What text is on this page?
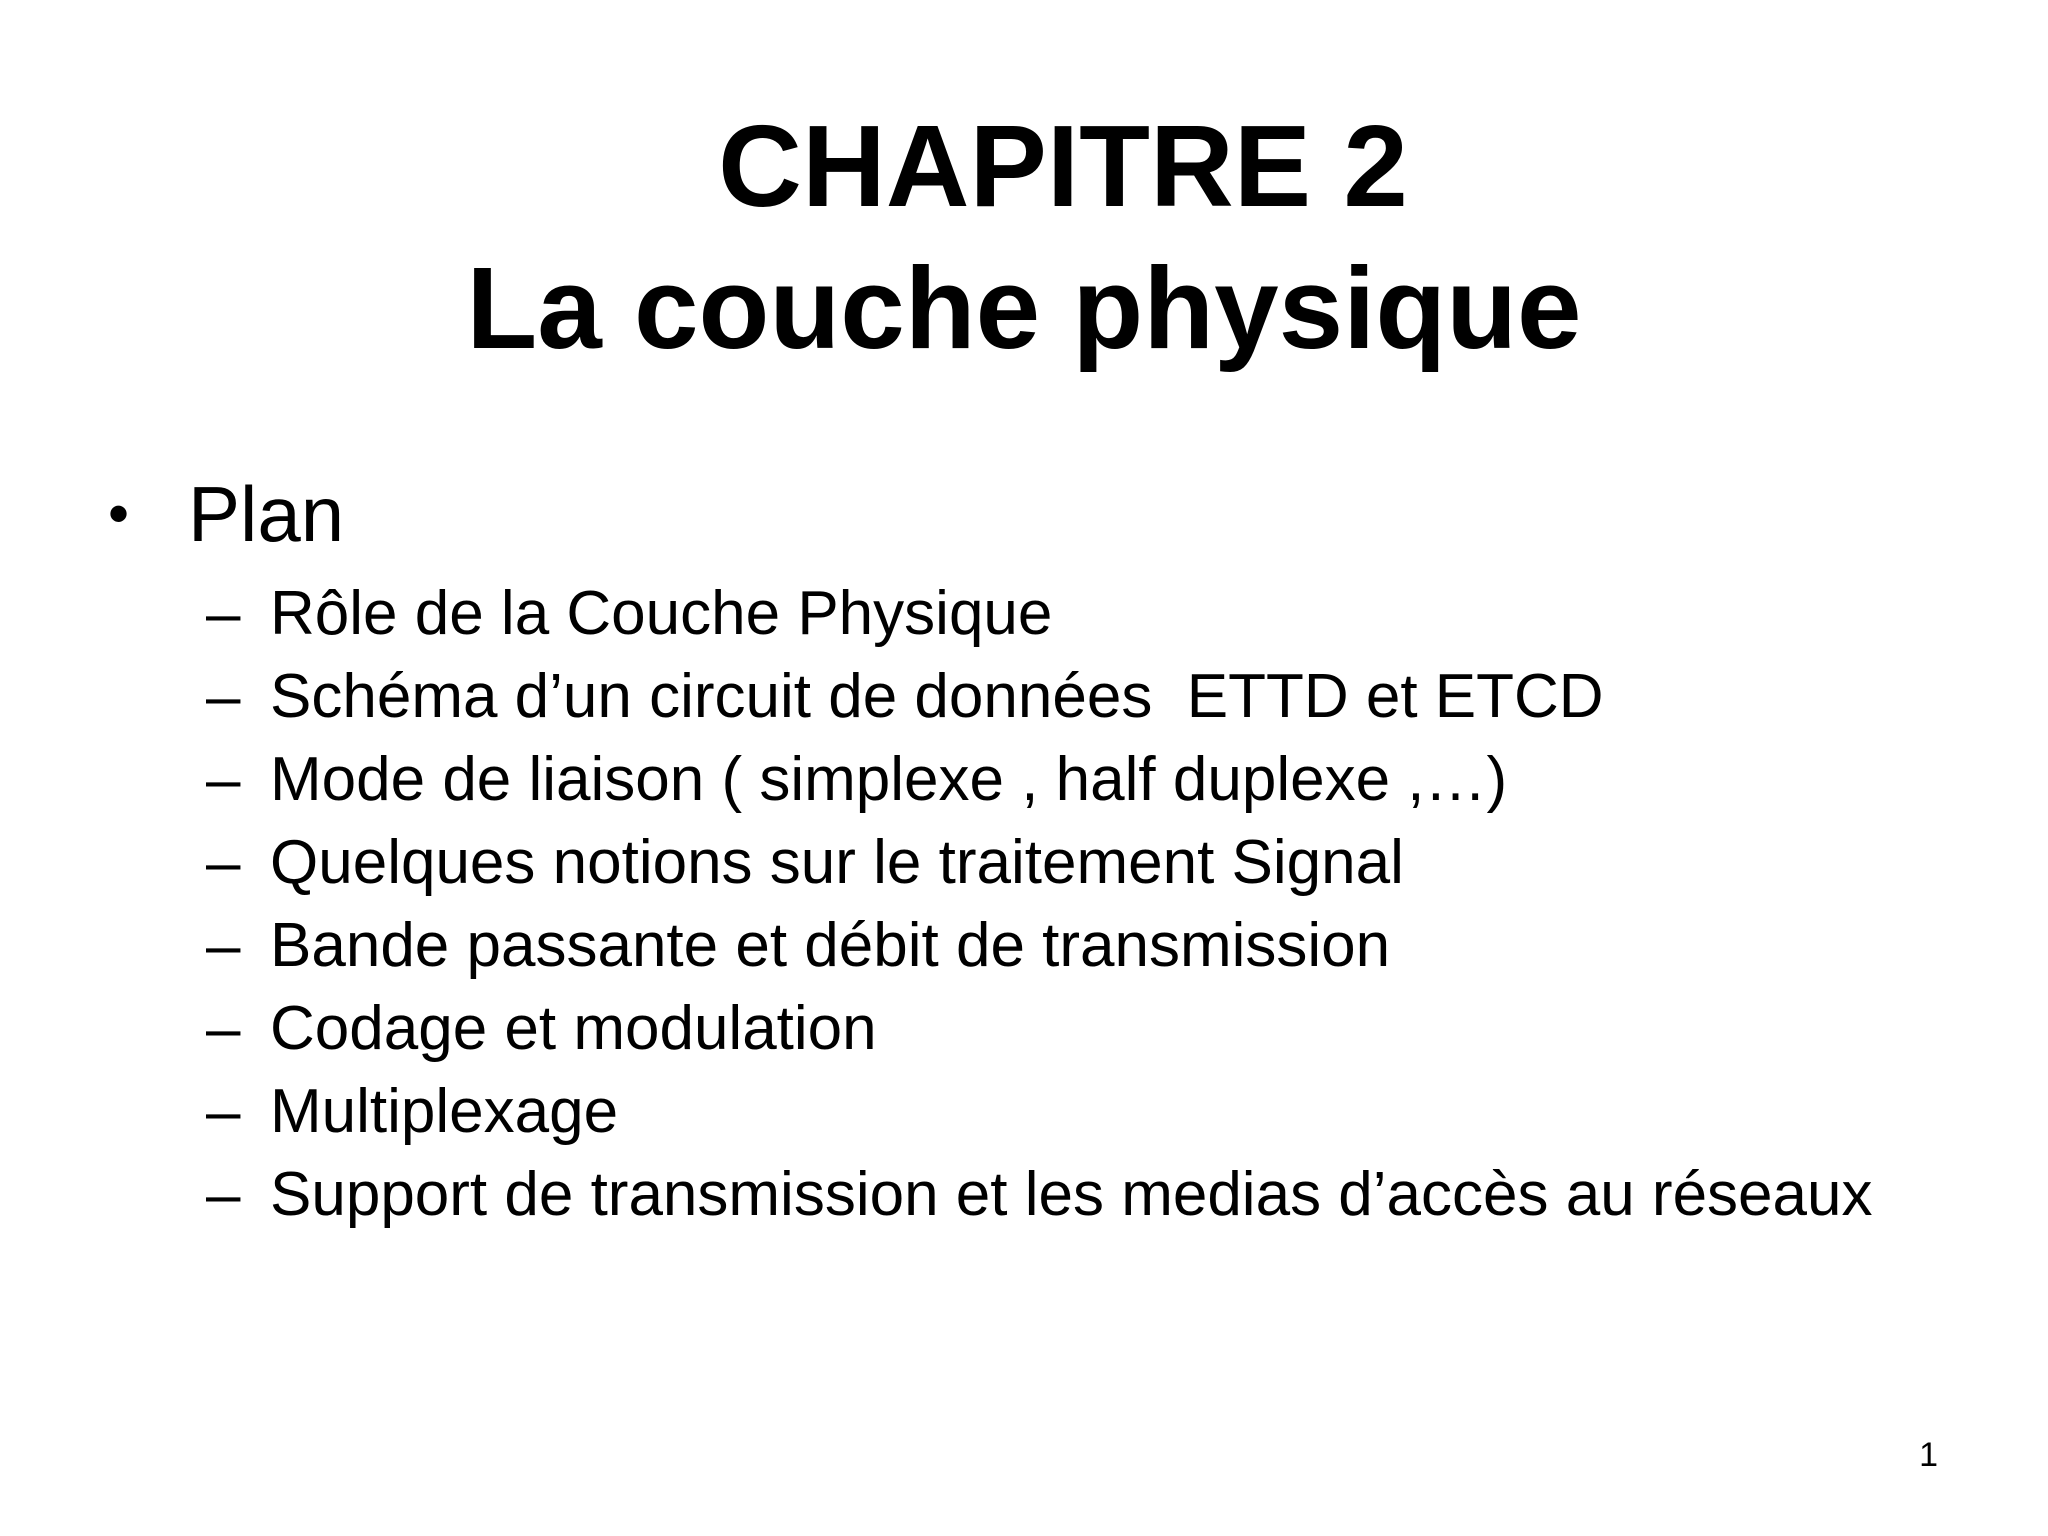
CHAPITRE 2
La couche physique
• Plan
– Rôle de la Couche Physique
– Schéma d’un circuit de données  ETTD et ETCD
– Mode de liaison ( simplexe , half duplexe ,…)
– Quelques notions sur le traitement Signal
– Bande passante et débit de transmission
– Codage et modulation
– Multiplexage
– Support de transmission et les medias d’accès au réseaux
1
